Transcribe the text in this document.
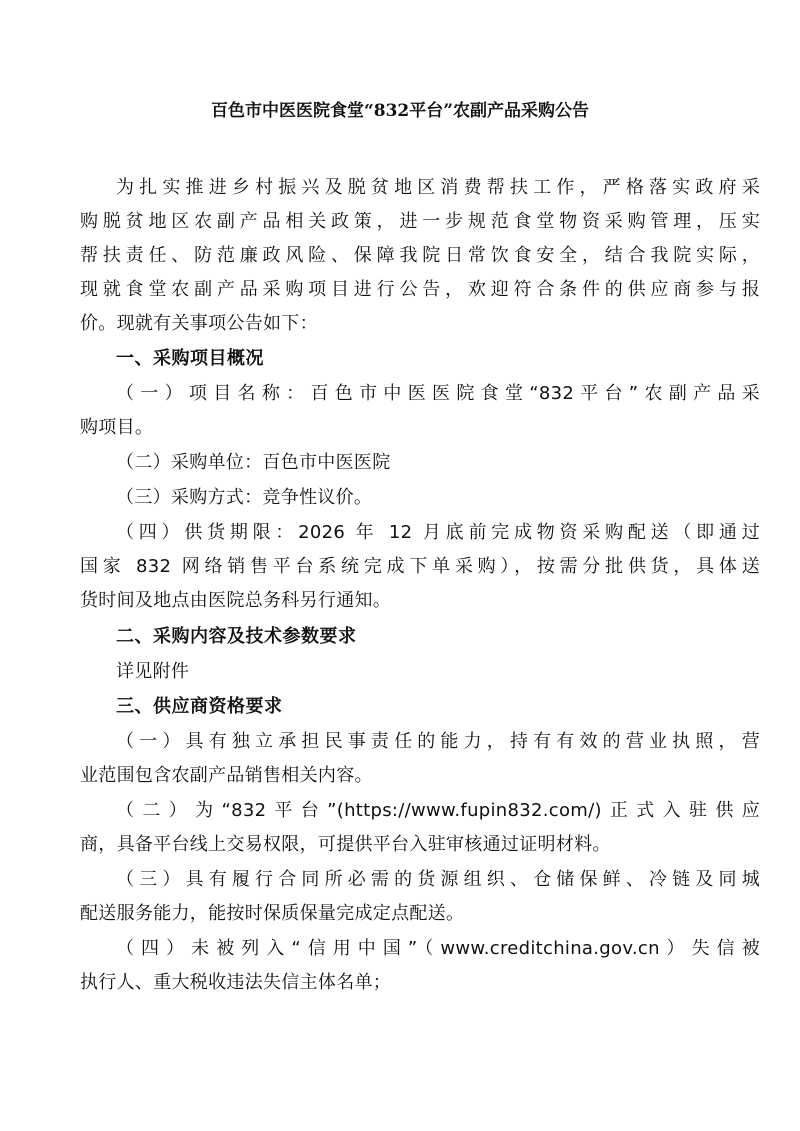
百色市中医医院食堂“832平台”农副产品采购公告

为扎实推进乡村振兴及脱贫地区消费帮扶工作，严格落实政府采

购脱贫地区农副产品相关政策，进一步规范食堂物资采购管理，压实

帮扶责任、防范廉政风险、保障我院日常饮食安全，结合我院实际，

现就食堂农副产品采购项目进行公告，欢迎符合条件的供应商参与报

价。现就有关事项公告如下：

一、采购项目概况

（一）项目名称：百色市中医医院食堂“832平台”农副产品采

购项目。

（二）采购单位：百色市中医医院

（三）采购方式：竞争性议价。

（四）供货期限：2026 年 12 月底前完成物资采购配送（即通过

国家 832 网络销售平台系统完成下单采购），按需分批供货，具体送

货时间及地点由医院总务科另行通知。

二、采购内容及技术参数要求

详见附件

三、供应商资格要求

（一）具有独立承担民事责任的能力，持有有效的营业执照，营

业范围包含农副产品销售相关内容。

（二）为“832平台”(https://www.fupin832.com/)正式入驻供应

商，具备平台线上交易权限，可提供平台入驻审核通过证明材料。

（三）具有履行合同所必需的货源组织、仓储保鲜、冷链及同城

配送服务能力，能按时保质保量完成定点配送。

（四）未被列入“信用中国”（www.creditchina.gov.cn）失信被

执行人、重大税收违法失信主体名单；
